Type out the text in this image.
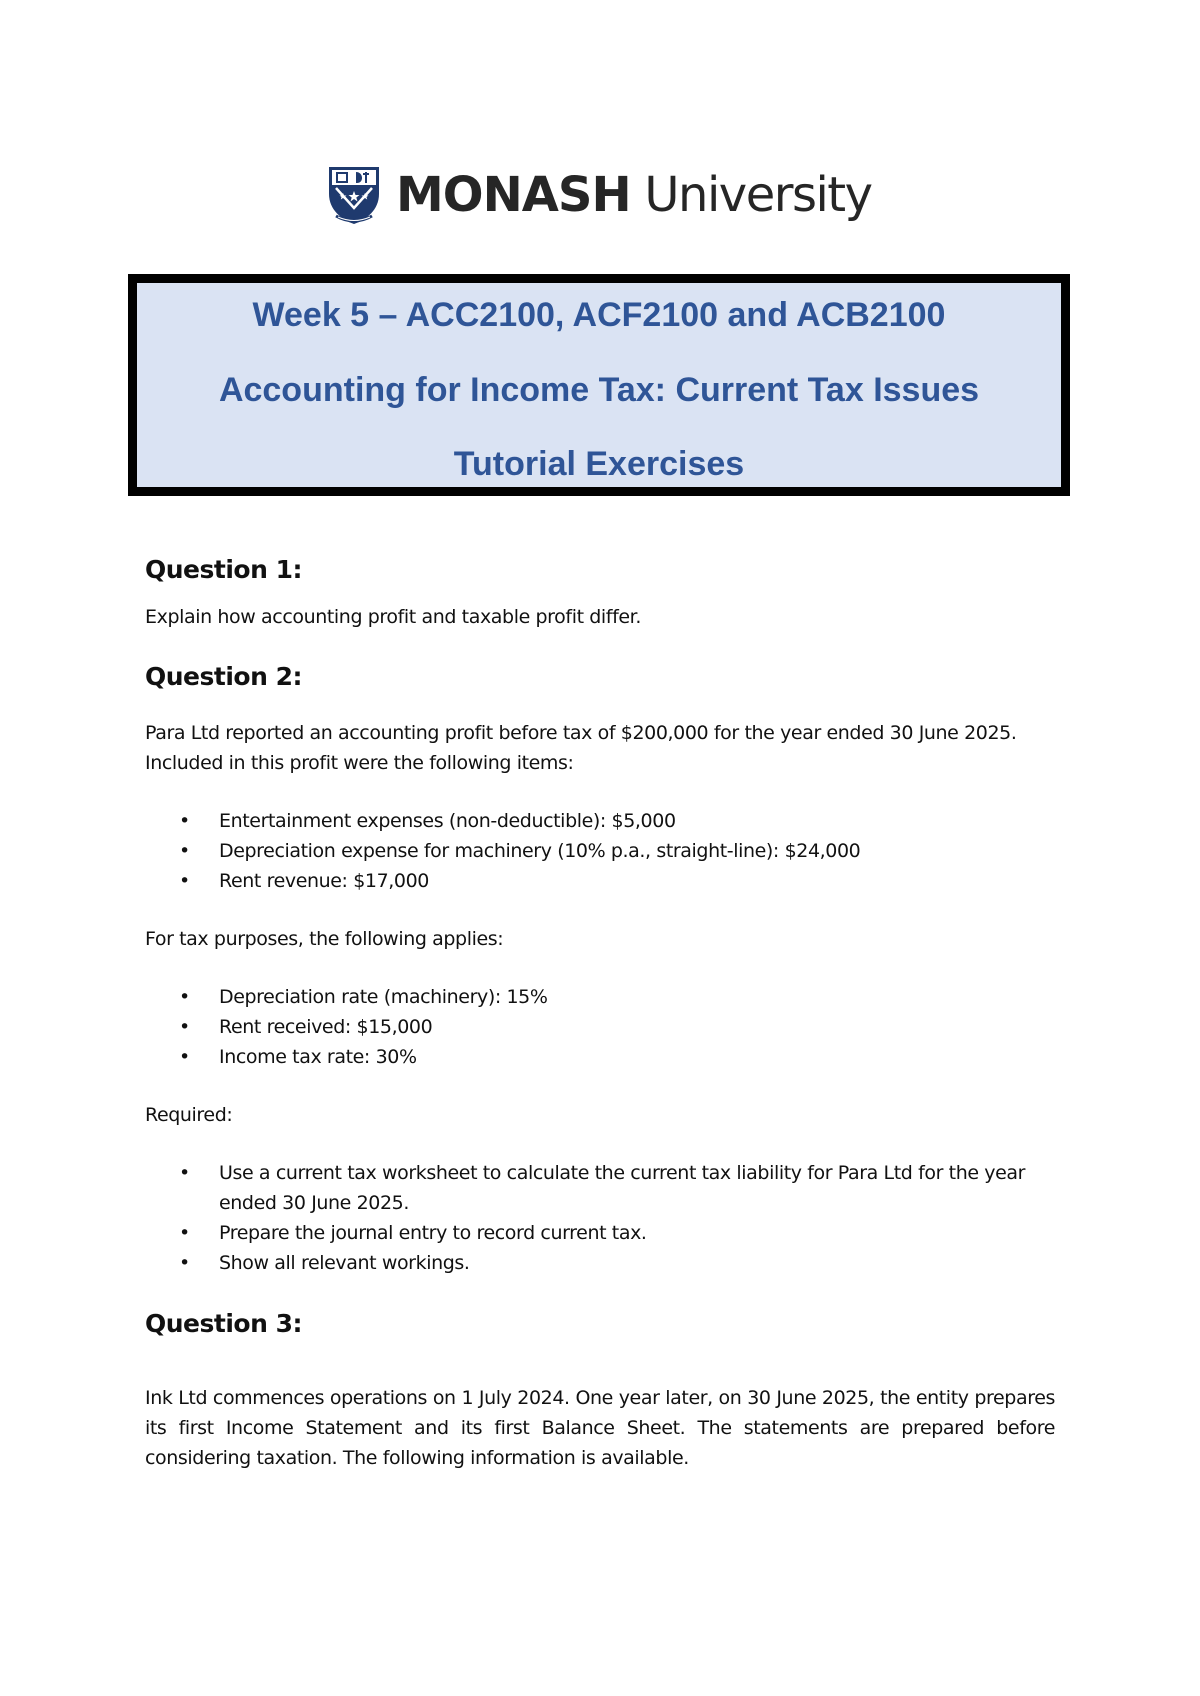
MONASH University
Week 5 – ACC2100, ACF2100 and ACB2100
Accounting for Income Tax: Current Tax Issues
Tutorial Exercises
Question 1:

Explain how accounting profit and taxable profit differ.

Question 2:

Para Ltd reported an accounting profit before tax of $200,000 for the year ended 30 June 2025. Included in this profit were the following items:

• Entertainment expenses (non-deductible): $5,000
• Depreciation expense for machinery (10% p.a., straight-line): $24,000
• Rent revenue: $17,000

For tax purposes, the following applies:

• Depreciation rate (machinery): 15%
• Rent received: $15,000
• Income tax rate: 30%

Required:

• Use a current tax worksheet to calculate the current tax liability for Para Ltd for the year ended 30 June 2025.
• Prepare the journal entry to record current tax.
• Show all relevant workings.
Question 3:

Ink Ltd commences operations on 1 July 2024. One year later, on 30 June 2025, the entity prepares its first Income Statement and its first Balance Sheet. The statements are prepared before considering taxation. The following information is available.
